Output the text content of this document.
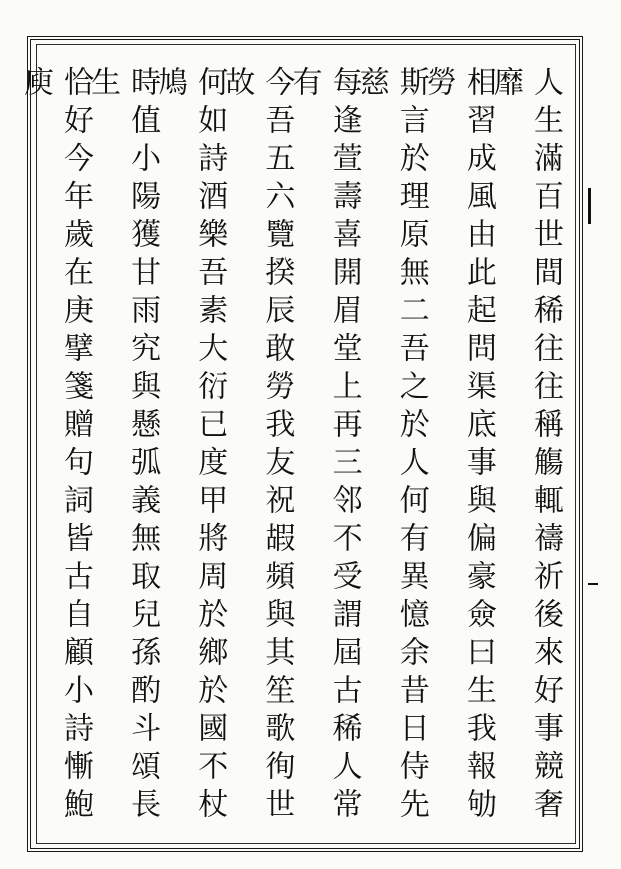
人生滿百世間稀往往稱觴輒禱祈後來好事競奢靡
相習成風由此起問渠底事與偏豪僉曰生我報劬勞
斯言於理原無二吾之於人何有異憶余昔日侍先慈
每逢萱壽喜開眉堂上再三邻不受謂屆古稀人常有
今吾五六覽揆辰敢勞我友祝嘏頻與其笙歌徇世故
何如詩酒樂吾素大衍已度甲將周於鄉於國不杖鳩
時值小陽獲甘雨究與懸弧義無取兒孫酌斗頌長生
恰好今年歲在庚擘箋贈句詞皆古自顧小詩慚鮑庾
